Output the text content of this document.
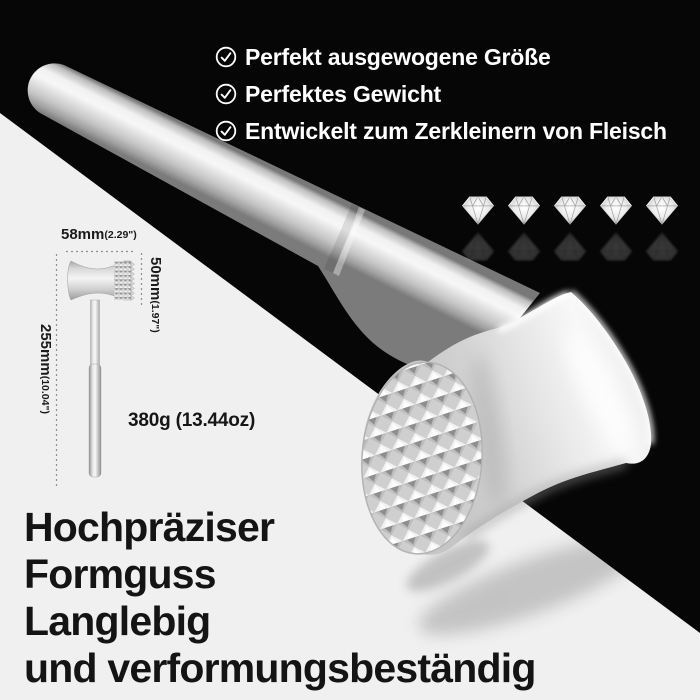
Perfekt ausgewogene Größe
Perfektes Gewicht
Entwickelt zum Zerkleinern von Fleisch
58mm(2.29")
50mm(1.97")
255mm(10.04")
380g (13.44oz)
Hochpräziser
Formguss
Langlebig
und verformungsbeständig
